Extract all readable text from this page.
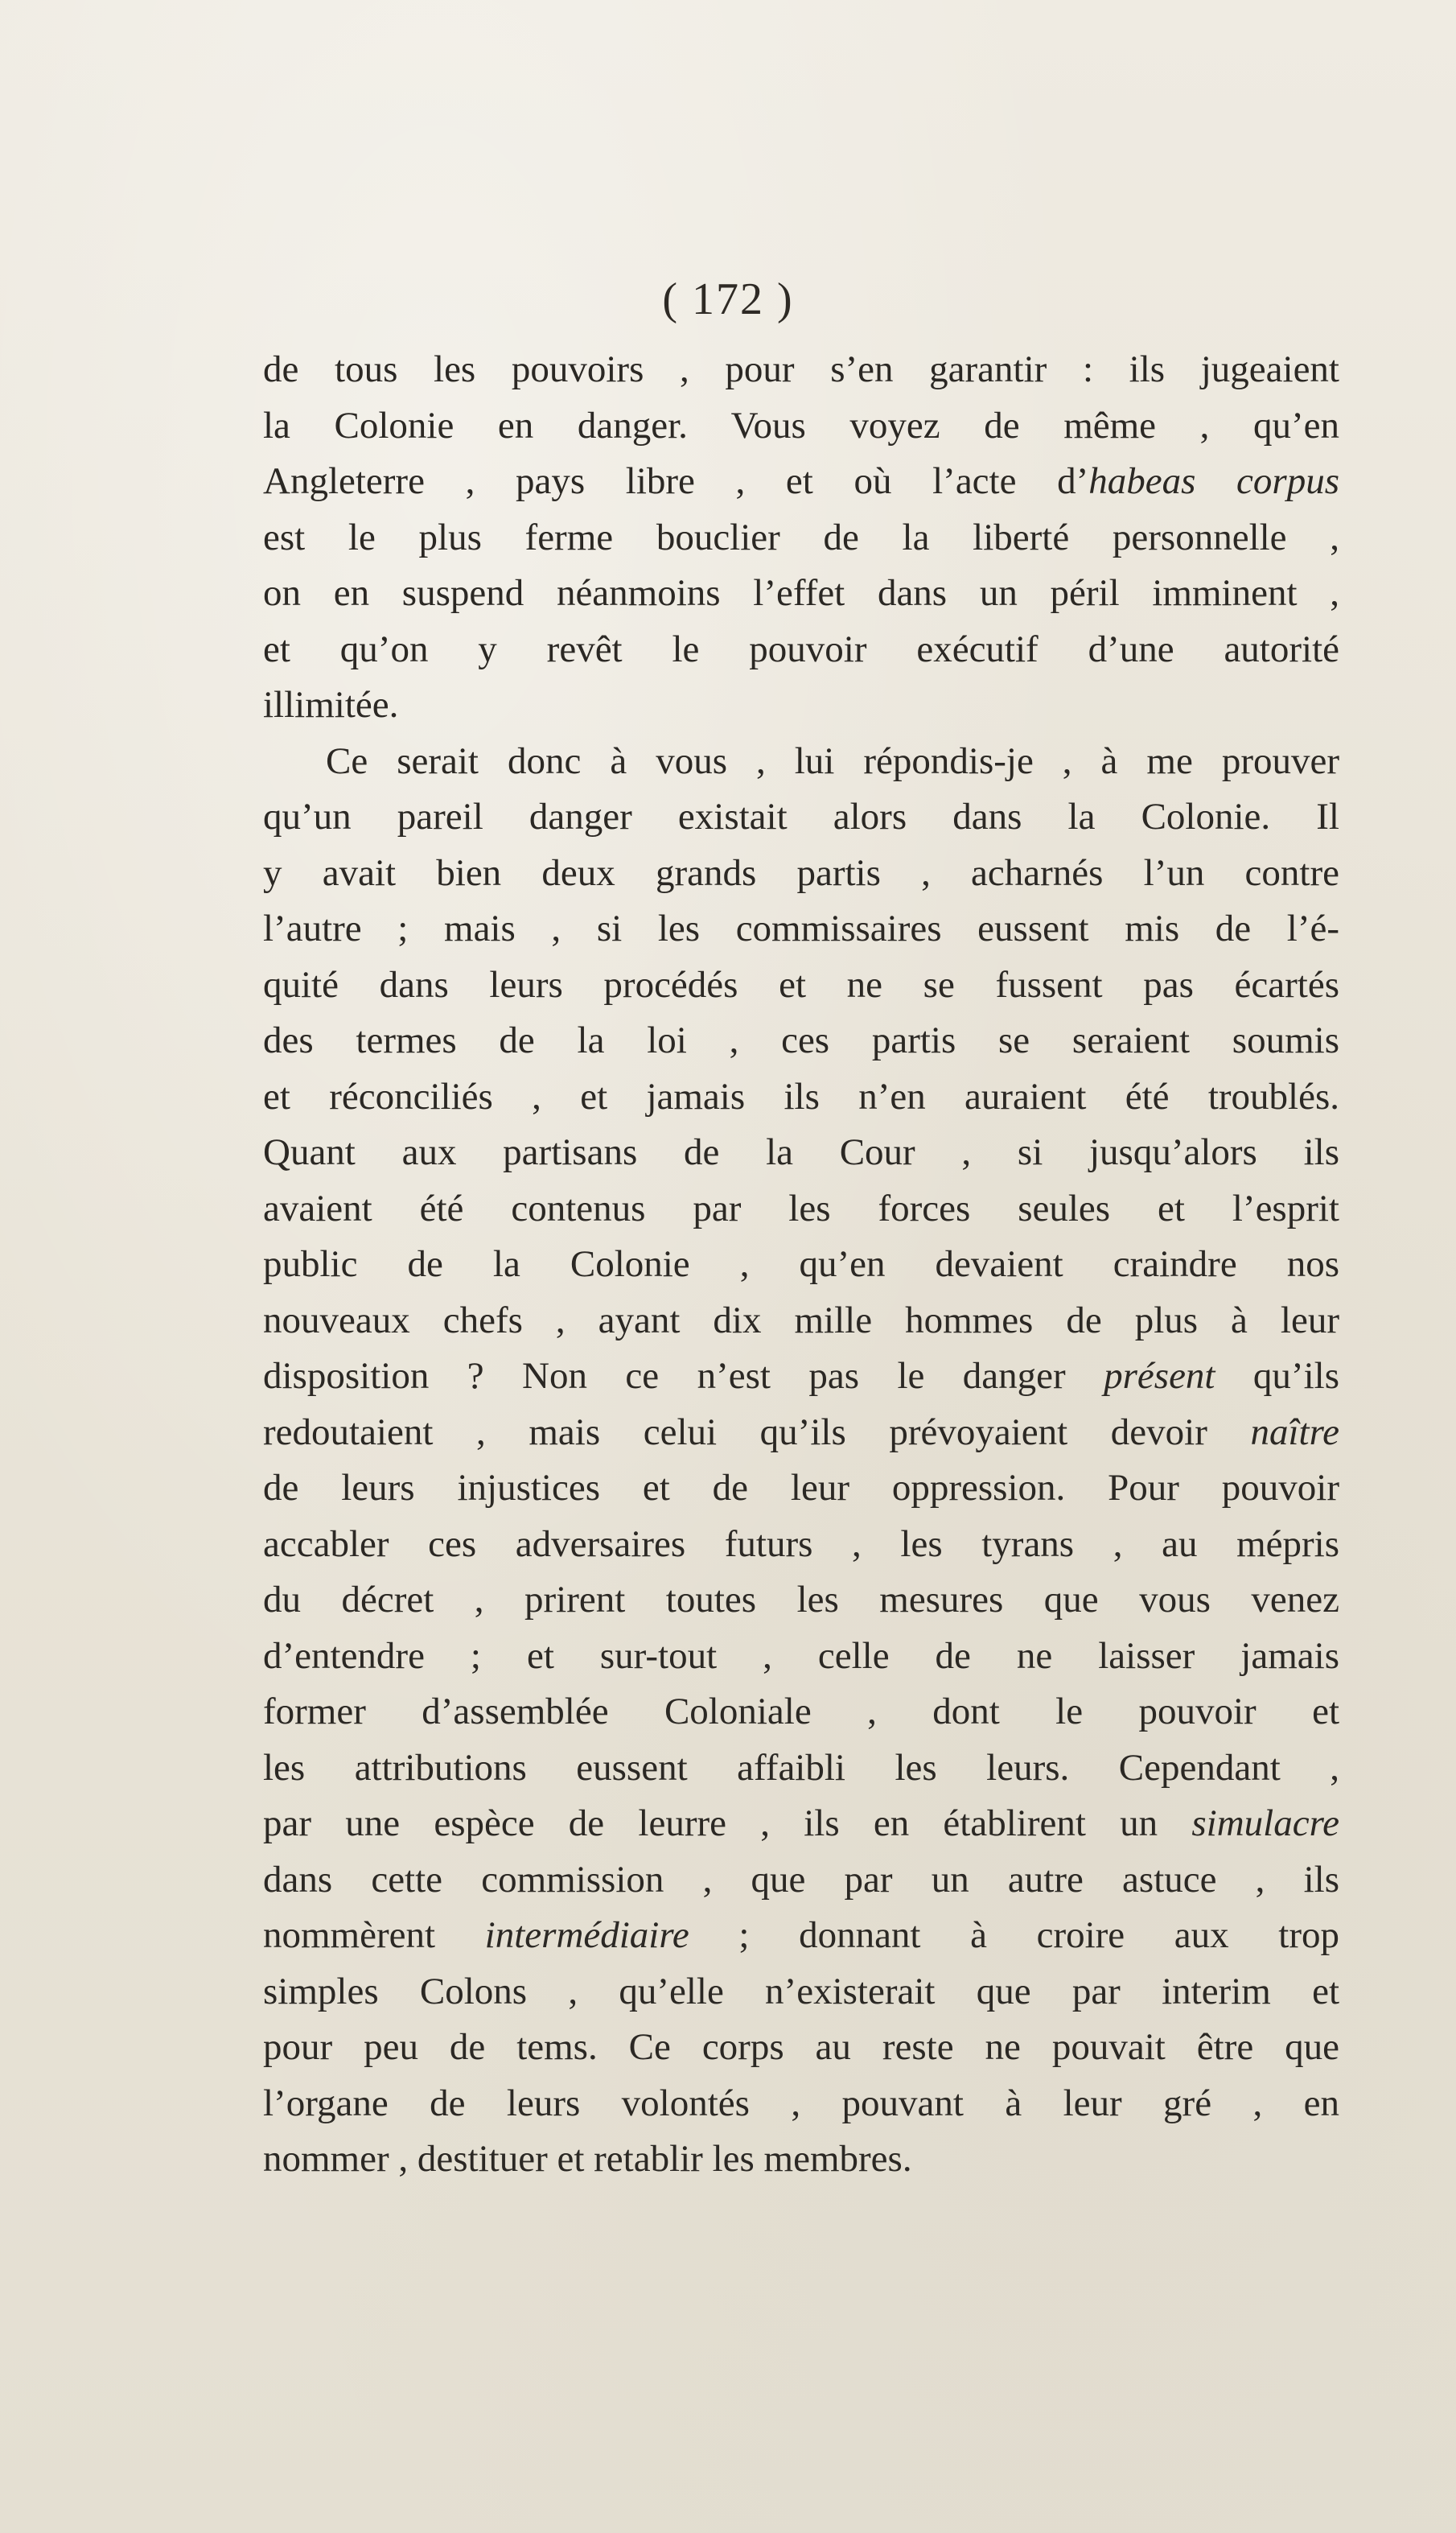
( 172 )
de tous les pouvoirs , pour s’en garantir : ils jugeaient
la Colonie en danger. Vous voyez de même , qu’en
Angleterre , pays libre , et où l’acte d’habeas corpus
est le plus ferme bouclier de la liberté personnelle ,
on en suspend néanmoins l’effet dans un péril imminent ,
et qu’on y revêt le pouvoir exécutif d’une autorité
illimitée.
Ce serait donc à vous , lui répondis-je , à me prouver
qu’un pareil danger existait alors dans la Colonie. Il
y avait bien deux grands partis , acharnés l’un contre
l’autre ; mais , si les commissaires eussent mis de l’é-
quité dans leurs procédés et ne se fussent pas écartés
des termes de la loi , ces partis se seraient soumis
et réconciliés , et jamais ils n’en auraient été troublés.
Quant aux partisans de la Cour , si jusqu’alors ils
avaient été contenus par les forces seules et l’esprit
public de la Colonie , qu’en devaient craindre nos
nouveaux chefs , ayant dix mille hommes de plus à leur
disposition ? Non ce n’est pas le danger présent qu’ils
redoutaient , mais celui qu’ils prévoyaient devoir naître
de leurs injustices et de leur oppression. Pour pouvoir
accabler ces adversaires futurs , les tyrans , au mépris
du décret , prirent toutes les mesures que vous venez
d’entendre ; et sur-tout , celle de ne laisser jamais
former d’assemblée Coloniale , dont le pouvoir et
les attributions eussent affaibli les leurs. Cependant ,
par une espèce de leurre , ils en établirent un simulacre
dans cette commission , que par un autre astuce , ils
nommèrent intermédiaire ; donnant à croire aux trop
simples Colons , qu’elle n’existerait que par interim et
pour peu de tems. Ce corps au reste ne pouvait être que
l’organe de leurs volontés , pouvant à leur gré , en
nommer , destituer et retablir les membres.
